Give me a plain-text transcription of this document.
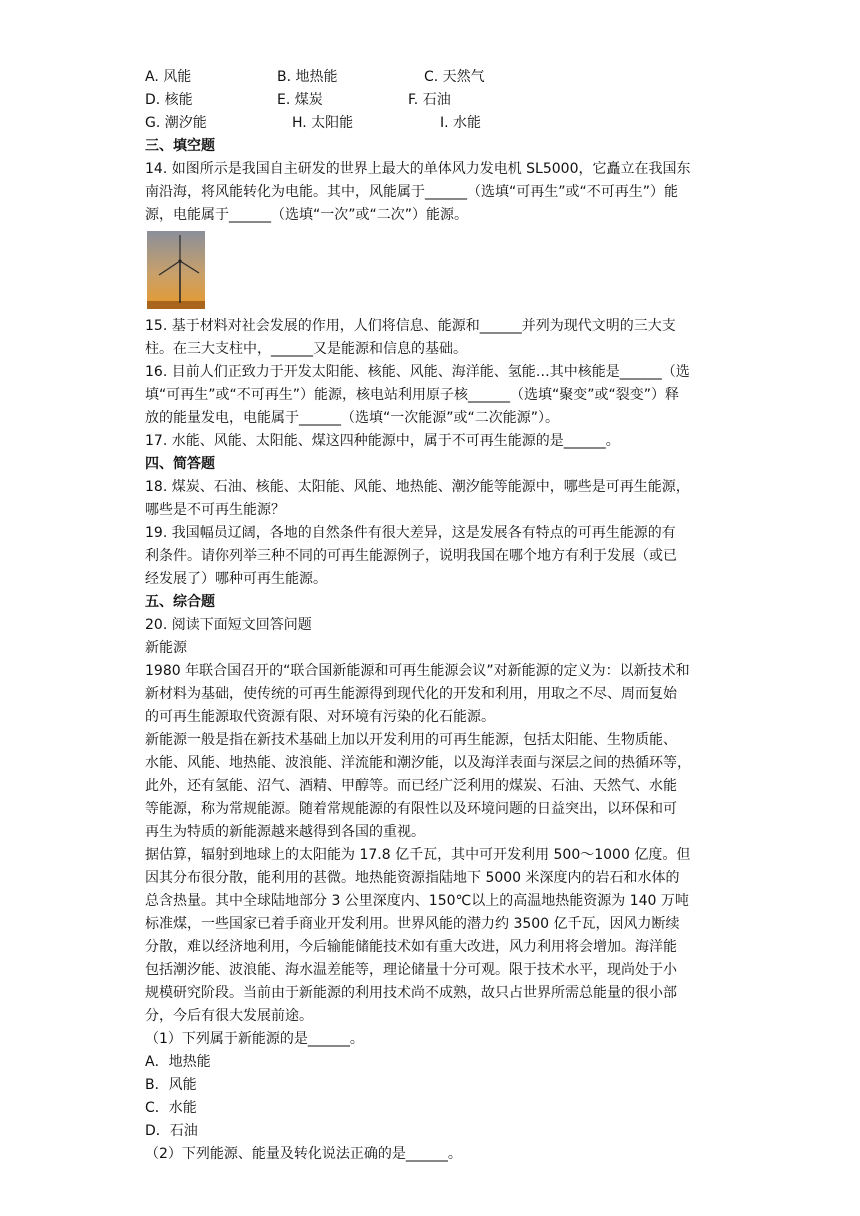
A. 风能	B. 地热能	C. 天然气
D. 核能	E. 煤炭	F. 石油
G. 潮汐能	H. 太阳能	I. 水能
三、填空题
14. 如图所示是我国自主研发的世界上最大的单体风力发电机 SL5000，它矗立在我国东
南沿海，将风能转化为电能。其中，风能属于______（选填“可再生”或“不可再生”）能
源，电能属于______（选填“一次”或“二次”）能源。
15. 基于材料对社会发展的作用，人们将信息、能源和______并列为现代文明的三大支
柱。在三大支柱中，______又是能源和信息的基础。
16. 目前人们正致力于开发太阳能、核能、风能、海洋能、氢能…其中核能是______（选
填“可再生”或“不可再生”）能源，核电站利用原子核______（选填“聚变”或“裂变”）释
放的能量发电，电能属于______（选填“一次能源”或“二次能源”）。
17. 水能、风能、太阳能、煤这四种能源中，属于不可再生能源的是______。
四、简答题
18. 煤炭、石油、核能、太阳能、风能、地热能、潮汐能等能源中，哪些是可再生能源，
哪些是不可再生能源？
19. 我国幅员辽阔，各地的自然条件有很大差异，这是发展各有特点的可再生能源的有
利条件。请你列举三种不同的可再生能源例子，说明我国在哪个地方有利于发展（或已
经发展了）哪种可再生能源。
五、综合题
20. 阅读下面短文回答问题
新能源
1980 年联合国召开的“联合国新能源和可再生能源会议”对新能源的定义为：以新技术和
新材料为基础，使传统的可再生能源得到现代化的开发和利用，用取之不尽、周而复始
的可再生能源取代资源有限、对环境有污染的化石能源。
新能源一般是指在新技术基础上加以开发利用的可再生能源，包括太阳能、生物质能、
水能、风能、地热能、波浪能、洋流能和潮汐能，以及海洋表面与深层之间的热循环等，
此外，还有氢能、沼气、酒精、甲醇等。而已经广泛利用的煤炭、石油、天然气、水能
等能源，称为常规能源。随着常规能源的有限性以及环境问题的日益突出，以环保和可
再生为特质的新能源越来越得到各国的重视。
据估算，辐射到地球上的太阳能为 17.8 亿千瓦，其中可开发利用 500～1000 亿度。但
因其分布很分散，能利用的甚微。地热能资源指陆地下 5000 米深度内的岩石和水体的
总含热量。其中全球陆地部分 3 公里深度内、150℃以上的高温地热能资源为 140 万吨
标准煤，一些国家已着手商业开发利用。世界风能的潜力约 3500 亿千瓦，因风力断续
分散，难以经济地利用，今后输能储能技术如有重大改进，风力利用将会增加。海洋能
包括潮汐能、波浪能、海水温差能等，理论储量十分可观。限于技术水平，现尚处于小
规模研究阶段。当前由于新能源的利用技术尚不成熟，故只占世界所需总能量的很小部
分，今后有很大发展前途。
（1）下列属于新能源的是______。
A．地热能
B．风能
C．水能
D．石油
（2）下列能源、能量及转化说法正确的是______。
